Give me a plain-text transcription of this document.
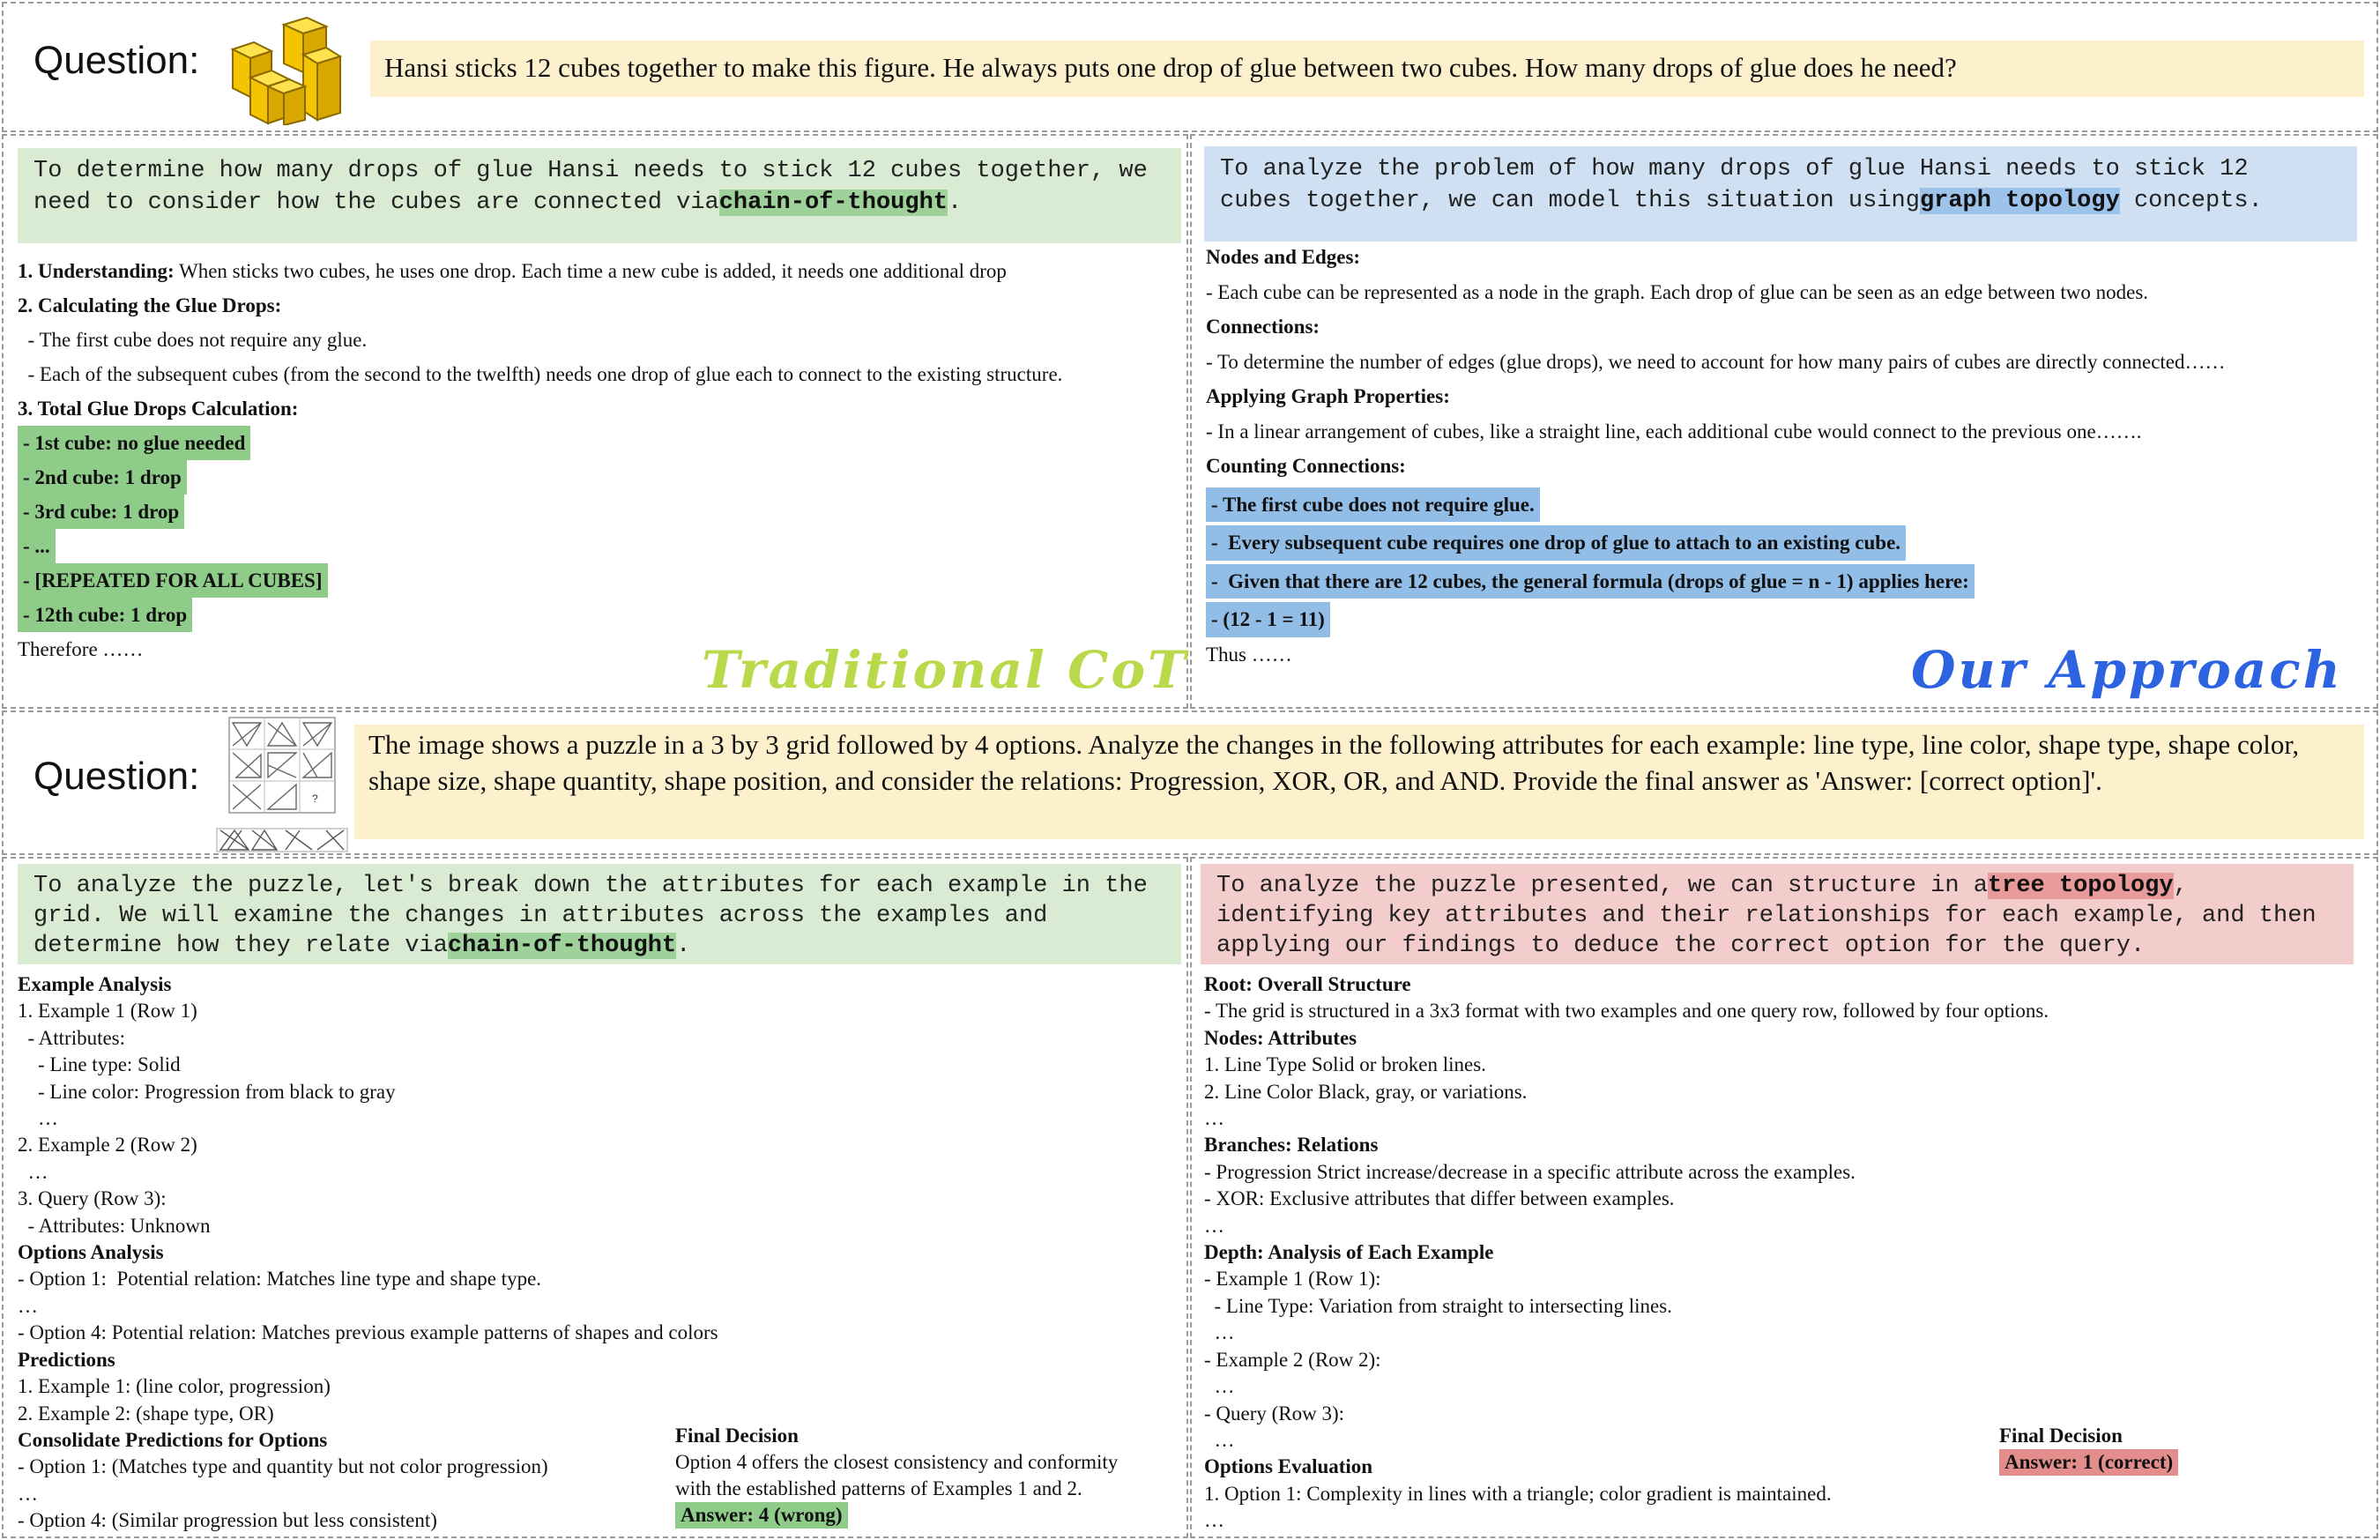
Question:	Hansi sticks 12 cubes together to make this figure. He always puts one drop of glue between two cubes. How many drops of glue does he need?
To determine how many drops of glue Hansi needs to stick 12 cubes together, we
need to consider how the cubes are connected viachain-of-thought.
1. Understanding: When sticks two cubes, he uses one drop. Each time a new cube is added, it needs one additional drop
2. Calculating the Glue Drops:
- The first cube does not require any glue.
- Each of the subsequent cubes (from the second to the twelfth) needs one drop of glue each to connect to the existing structure.
3. Total Glue Drops Calculation:
- 1st cube: no glue needed
- 2nd cube: 1 drop
- 3rd cube: 1 drop
- ...
- [REPEATED FOR ALL CUBES]
- 12th cube: 1 drop
Therefore ……	Traditional CoT
To analyze the problem of how many drops of glue Hansi needs to stick 12
cubes together, we can model this situation usinggraph topology concepts.
Nodes and Edges:
- Each cube can be represented as a node in the graph. Each drop of glue can be seen as an edge between two nodes.
Connections:
- To determine the number of edges (glue drops), we need to account for how many pairs of cubes are directly connected……
Applying Graph Properties:
- In a linear arrangement of cubes, like a straight line, each additional cube would connect to the previous one…….
Counting Connections:
- The first cube does not require glue.
-  Every subsequent cube requires one drop of glue to attach to an existing cube.
-  Given that there are 12 cubes, the general formula (drops of glue = n - 1) applies here:
- (12 - 1 = 11)
Thus ……	Our Approach
Question:
?
The image shows a puzzle in a 3 by 3 grid followed by 4 options. Analyze the changes in the following attributes for each example: line type, line color, shape type, shape color, shape size, shape quantity, shape position, and consider the relations: Progression, XOR, OR, and AND. Provide the final answer as 'Answer: [correct option]'.
To analyze the puzzle, let's break down the attributes for each example in the
grid. We will examine the changes in attributes across the examples and
determine how they relate viachain-of-thought.
Example Analysis
1. Example 1 (Row 1)
- Attributes:
- Line type: Solid
- Line color: Progression from black to gray
…
2. Example 2 (Row 2)
…
3. Query (Row 3):
- Attributes: Unknown
Options Analysis
- Option 1:  Potential relation: Matches line type and shape type.
…
- Option 4: Potential relation: Matches previous example patterns of shapes and colors
Predictions
1. Example 1: (line color, progression)
2. Example 2: (shape type, OR)
Consolidate Predictions for Options
- Option 1: (Matches type and quantity but not color progression)
…
- Option 4: (Similar progression but less consistent)
Final Decision
Option 4 offers the closest consistency and conformity
with the established patterns of Examples 1 and 2.
Answer: 4 (wrong)
To analyze the puzzle presented, we can structure in atree topology,
identifying key attributes and their relationships for each example, and then
applying our findings to deduce the correct option for the query.
Root: Overall Structure
- The grid is structured in a 3x3 format with two examples and one query row, followed by four options.
Nodes: Attributes
1. Line Type Solid or broken lines.
2. Line Color Black, gray, or variations.
…
Branches: Relations
- Progression Strict increase/decrease in a specific attribute across the examples.
- XOR: Exclusive attributes that differ between examples.
…
Depth: Analysis of Each Example
- Example 1 (Row 1):
- Line Type: Variation from straight to intersecting lines.
…
- Example 2 (Row 2):
…
- Query (Row 3):
…
Options Evaluation
1. Option 1: Complexity in lines with a triangle; color gradient is maintained.
…
Final Decision
Answer: 1 (correct)
